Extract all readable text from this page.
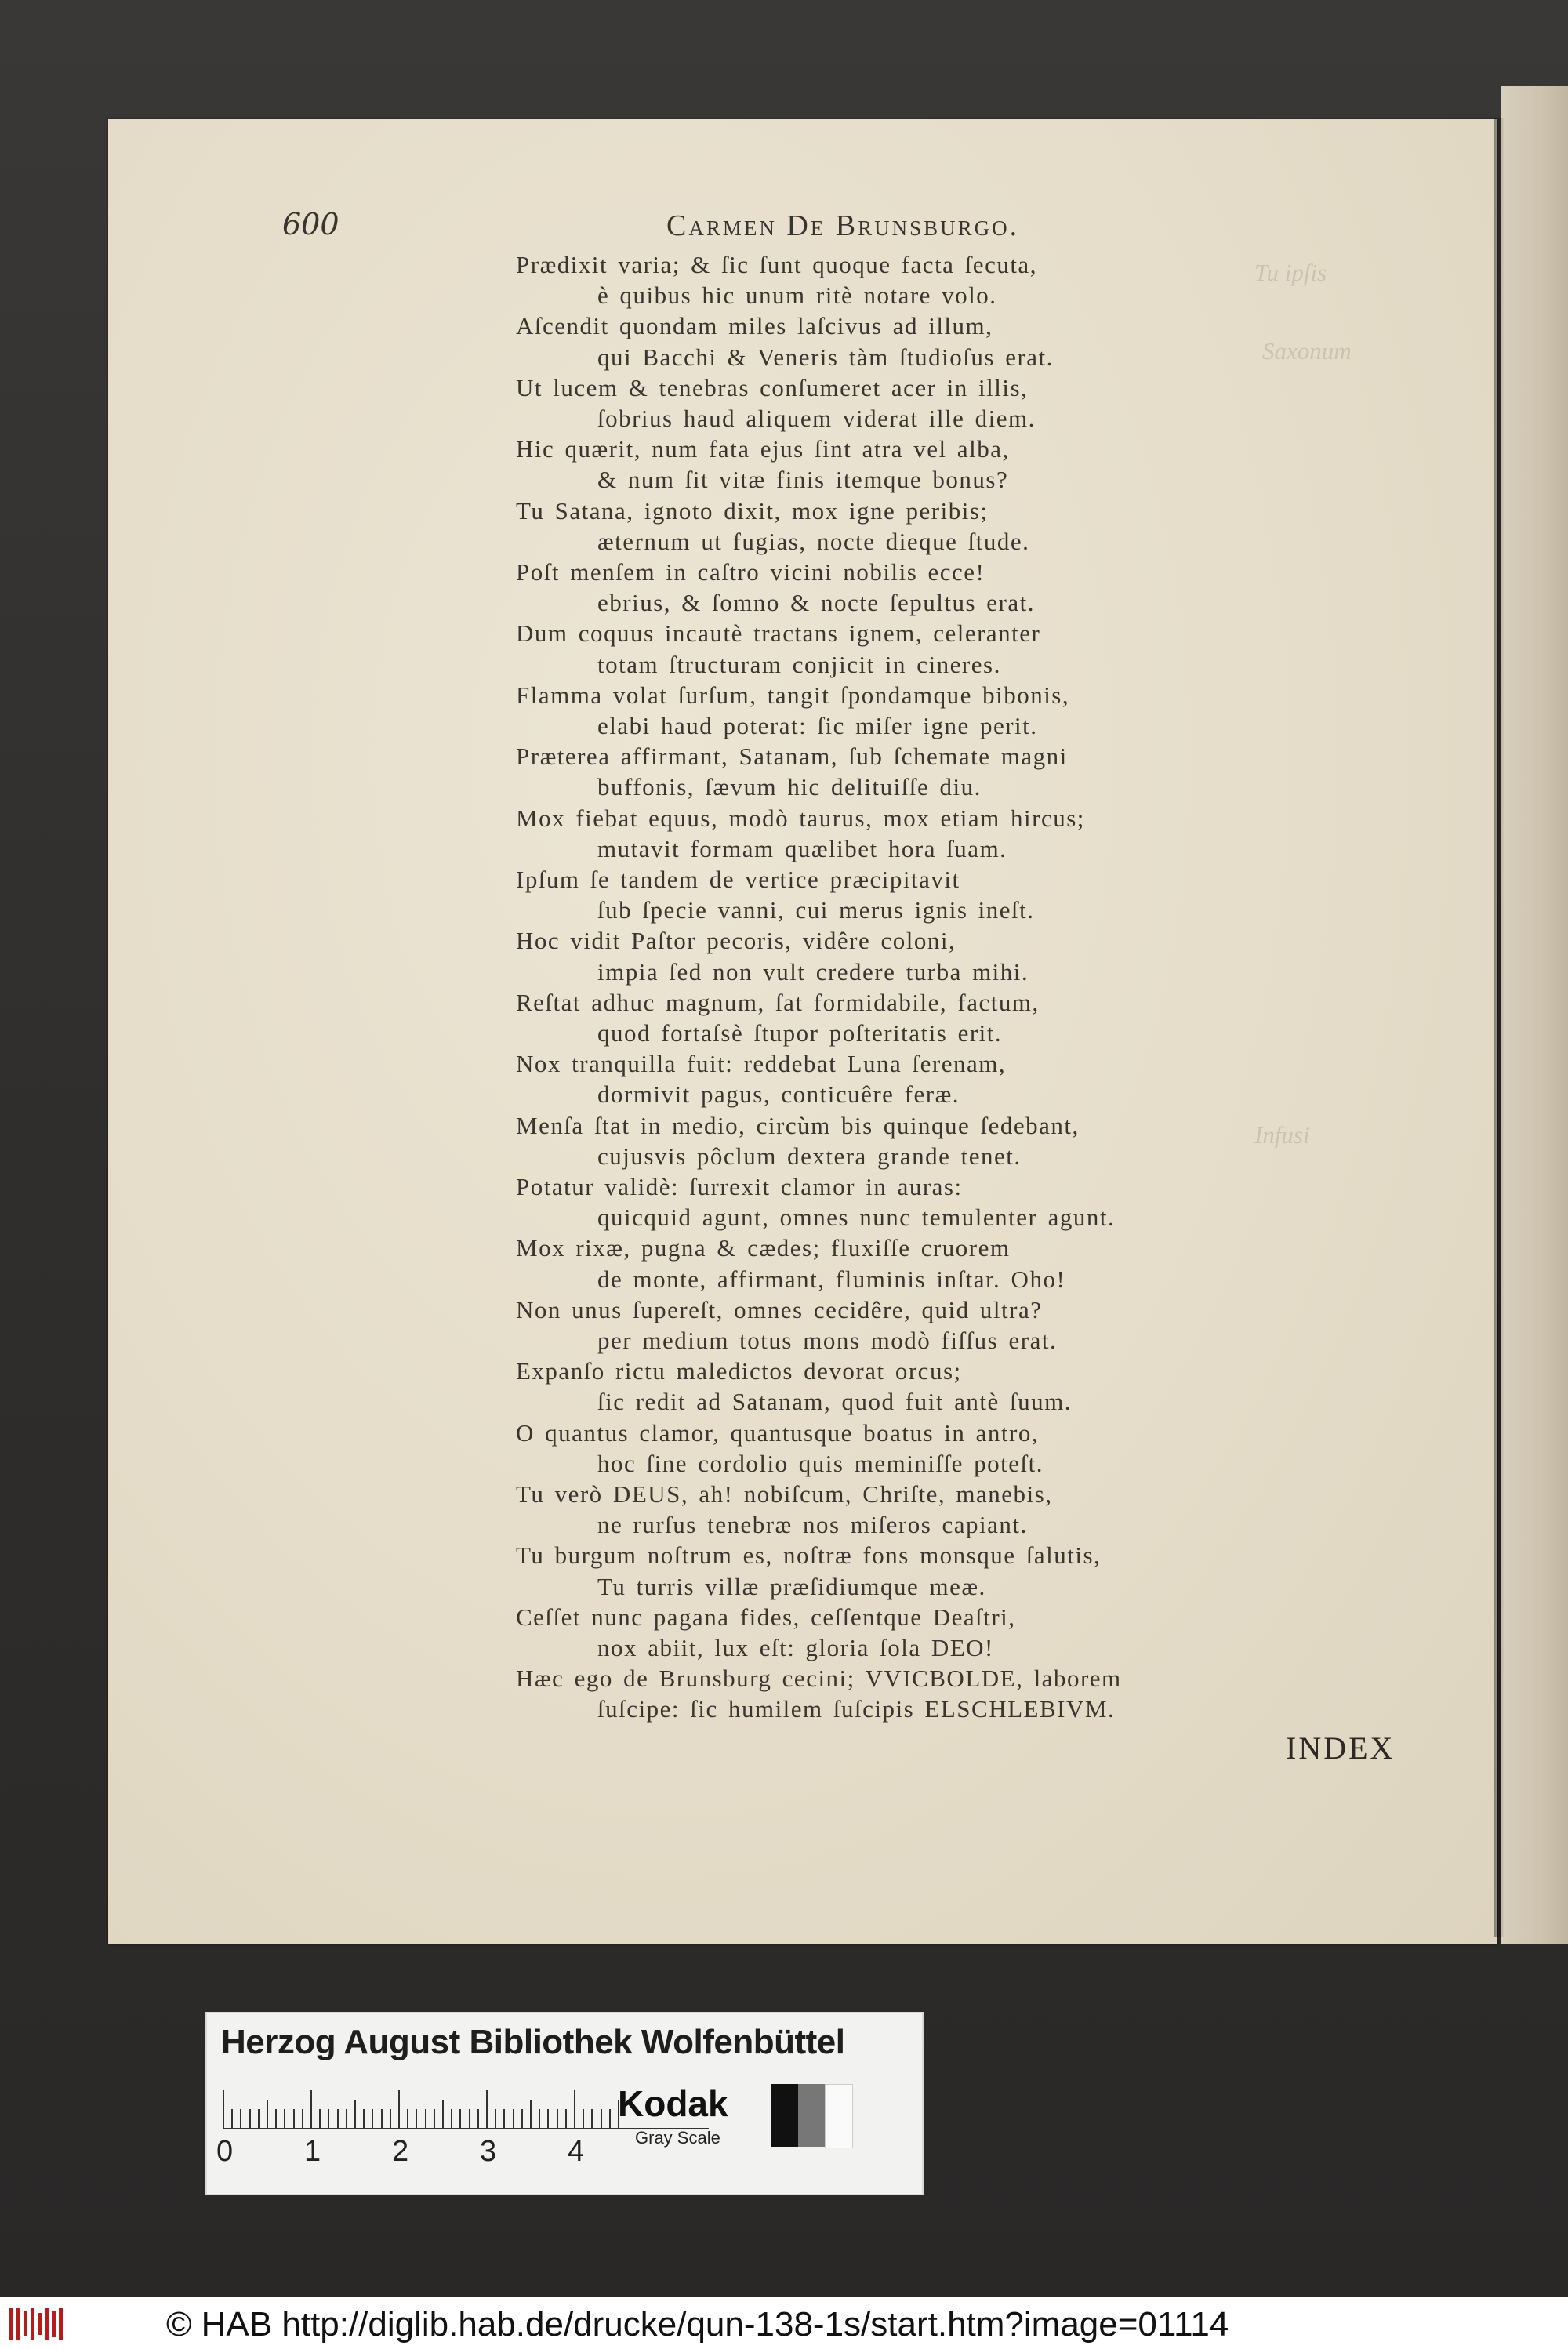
Tu ipſis
Saxonum
Infusi
600	Carmen De Brunsburgo.
Prædixit varia; & ſic ſunt quoque facta ſecuta,
è quibus hic unum ritè notare volo.
Aſcendit quondam miles laſcivus ad illum,
qui Bacchi & Veneris tàm ſtudioſus erat.
Ut lucem & tenebras conſumeret acer in illis,
ſobrius haud aliquem viderat ille diem.
Hic quærit, num fata ejus ſint atra vel alba,
& num ſit vitæ finis itemque bonus?
Tu Satana, ignoto dixit, mox igne peribis;
æternum ut fugias, nocte dieque ſtude.
Poſt menſem in caſtro vicini nobilis ecce!
ebrius, & ſomno & nocte ſepultus erat.
Dum coquus incautè tractans ignem, celeranter
totam ſtructuram conjicit in cineres.
Flamma volat ſurſum, tangit ſpondamque bibonis,
elabi haud poterat: ſic miſer igne perit.
Præterea affirmant, Satanam, ſub ſchemate magni
buffonis, ſævum hic delituiſſe diu.
Mox fiebat equus, modò taurus, mox etiam hircus;
mutavit formam quælibet hora ſuam.
Ipſum ſe tandem de vertice præcipitavit
ſub ſpecie vanni, cui merus ignis ineſt.
Hoc vidit Paſtor pecoris, vidêre coloni,
impia ſed non vult credere turba mihi.
Reſtat adhuc magnum, ſat formidabile, factum,
quod fortaſsè ſtupor poſteritatis erit.
Nox tranquilla fuit: reddebat Luna ſerenam,
dormivit pagus, conticuêre feræ.
Menſa ſtat in medio, circùm bis quinque ſedebant,
cujusvis pôclum dextera grande tenet.
Potatur validè: ſurrexit clamor in auras:
quicquid agunt, omnes nunc temulenter agunt.
Mox rixæ, pugna & cædes; fluxiſſe cruorem
de monte, affirmant, fluminis inſtar. Oho!
Non unus ſupereſt, omnes cecidêre, quid ultra?
per medium totus mons modò fiſſus erat.
Expanſo rictu maledictos devorat orcus;
ſic redit ad Satanam, quod fuit antè ſuum.
O quantus clamor, quantusque boatus in antro,
hoc ſine cordolio quis meminiſſe poteſt.
Tu verò DEUS, ah! nobiſcum, Chriſte, manebis,
ne rurſus tenebræ nos miſeros capiant.
Tu burgum noſtrum es, noſtræ fons monsque ſalutis,
Tu turris villæ præſidiumque meæ.
Ceſſet nunc pagana fides, ceſſentque Deaſtri,
nox abiit, lux eſt: gloria ſola DEO!
Hæc ego de Brunsburg cecini; VVICBOLDE, laborem
ſuſcipe: ſic humilem ſuſcipis ELSCHLEBIVM.
INDEX
Herzog August Bibliothek Wolfenbüttel
0 1 2 3 4
Kodak
Gray Scale
© HAB http://diglib.hab.de/drucke/qun-138-1s/start.htm?image=01114
